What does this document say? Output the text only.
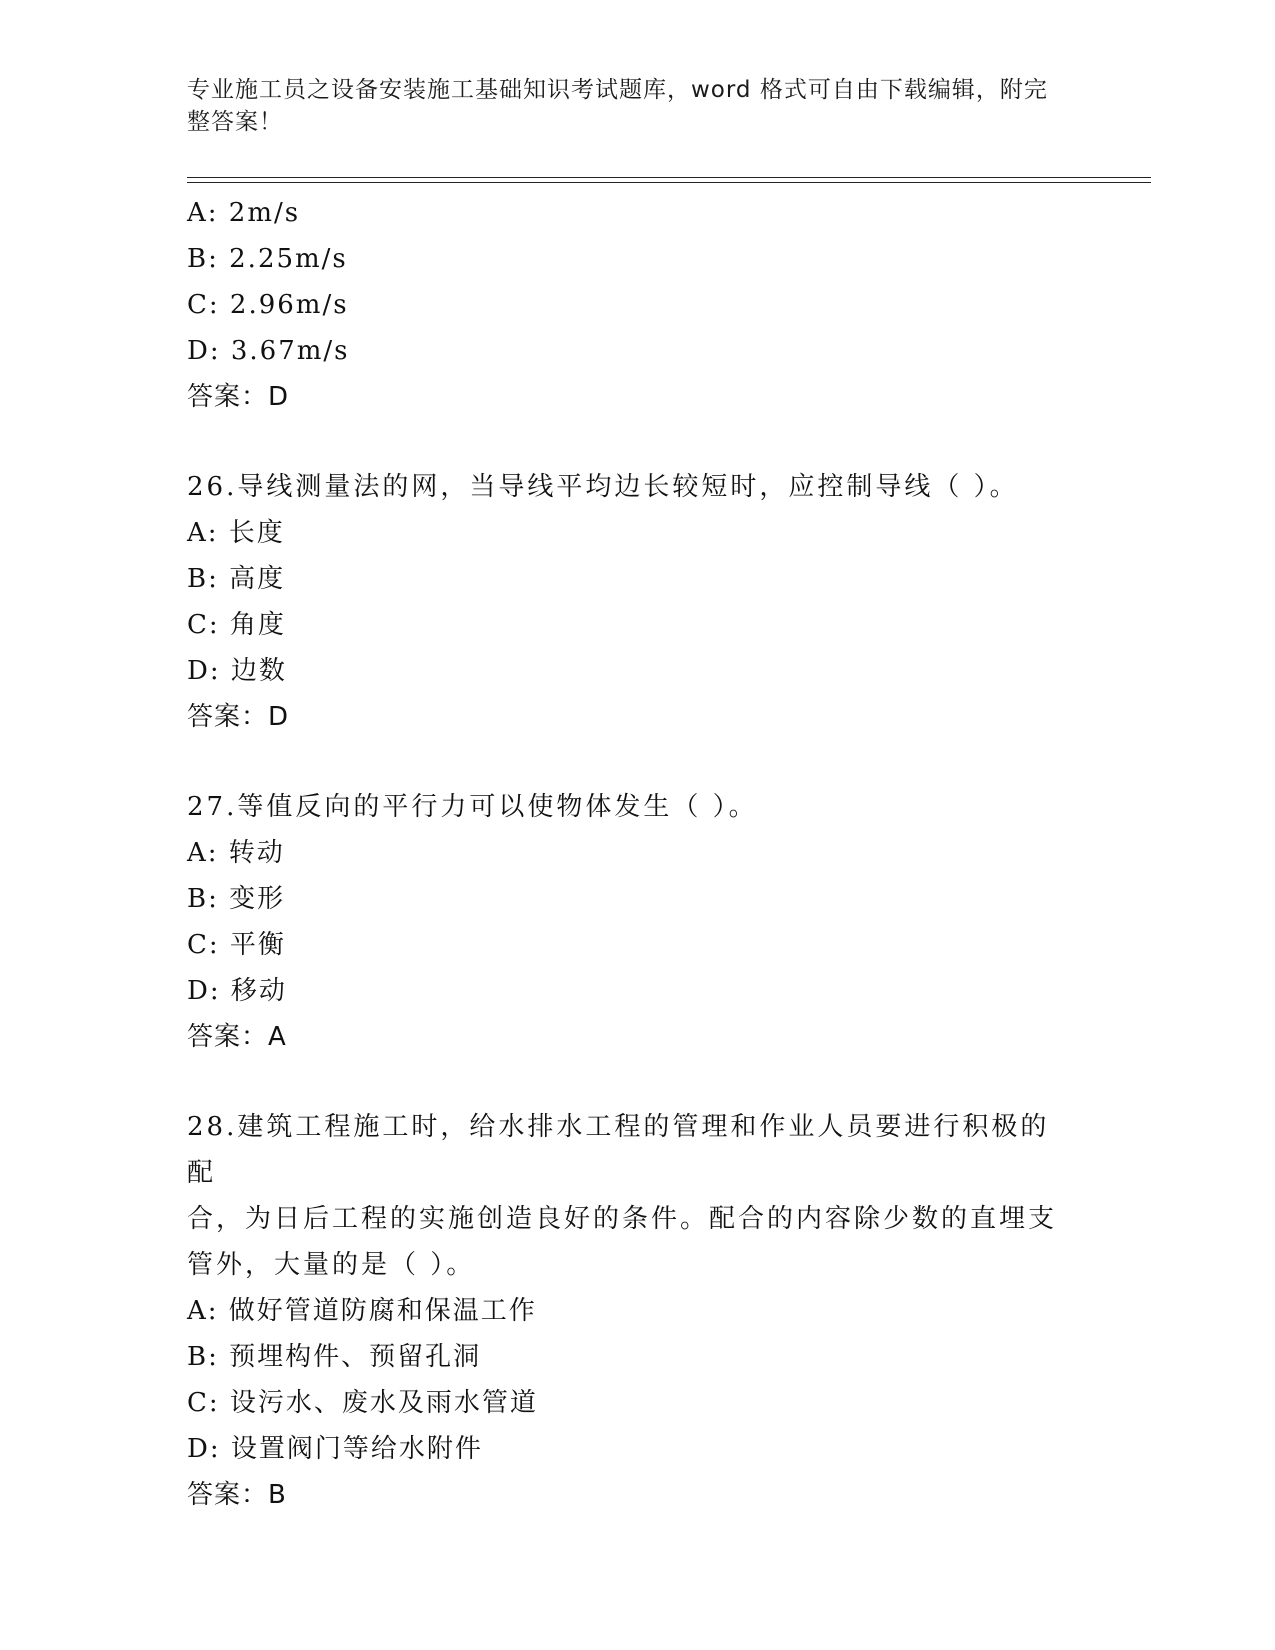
专业施工员之设备安装施工基础知识考试题库，word 格式可自由下载编辑，附完整答案！
A: 2m/s
B: 2.25m/s
C: 2.96m/s
D: 3.67m/s
答案：D
26.导线测量法的网，当导线平均边长较短时，应控制导线（ ）。
A: 长度
B: 高度
C: 角度
D: 边数
答案：D
27.等值反向的平行力可以使物体发生（ ）。
A: 转动
B: 变形
C: 平衡
D: 移动
答案：A
28.建筑工程施工时，给水排水工程的管理和作业人员要进行积极的配
合，为日后工程的实施创造良好的条件。配合的内容除少数的直埋支
管外，大量的是（ ）。
A: 做好管道防腐和保温工作
B: 预埋构件、预留孔洞
C: 设污水、废水及雨水管道
D: 设置阀门等给水附件
答案：B
